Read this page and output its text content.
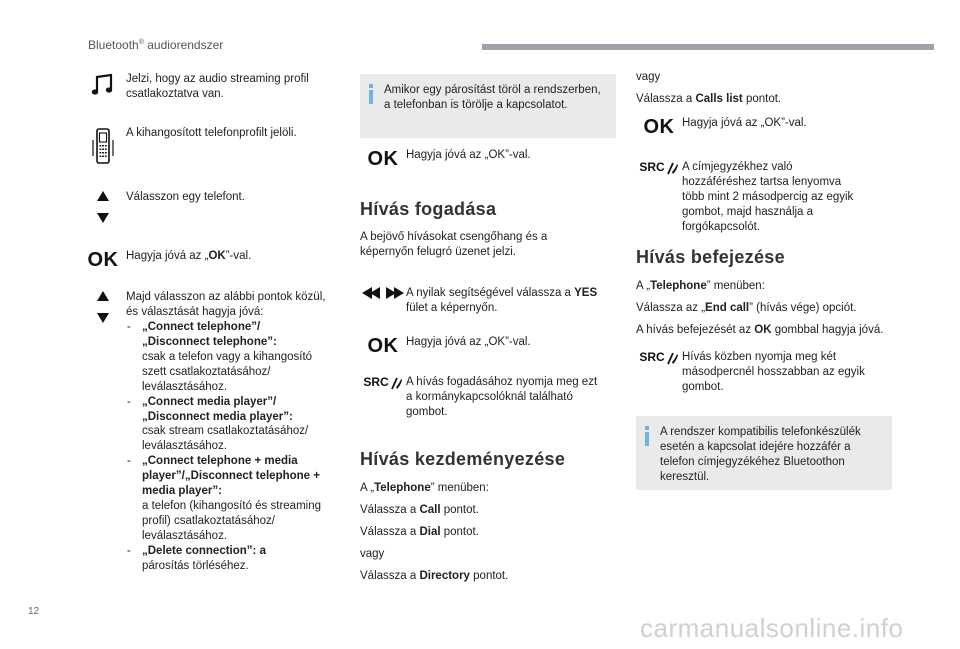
Bluetooth® audiorendszer
Jelzi, hogy az audio streaming profil csatlakoztatva van.
A kihangosított telefonprofilt jelöli.
Válasszon egy telefont.
OK Hagyja jóvá az „OK”-val.
Majd válasszon az alábbi pontok közül, és választását hagyja jóvá:
- „Connect telephone”/
„Disconnect telephone”:
csak a telefon vagy a kihangosító szett csatlakoztatásához/ leválasztásához.
- „Connect media player”/
„Disconnect media player”:
csak stream csatlakoztatásához/ leválasztásához.
- „Connect telephone + media player”/„Disconnect telephone + media player”:
a telefon (kihangosító és streaming profil) csatlakoztatásához/ leválasztásához.
- „Delete connection”: a
párosítás törléséhez.
Amikor egy párosítást töröl a rendszerben, a telefonban is törölje a kapcsolatot.
OK Hagyja jóvá az „OK”-val.
Hívás fogadása
A bejövő hívásokat csengőhang és a képernyőn felugró üzenet jelzi.
A nyilak segítségével válassza a YES fület a képernyőn.
OK Hagyja jóvá az „OK”-val.
SRC A hívás fogadásához nyomja meg ezt a kormánykapcsolóknál található gombot.
Hívás kezdeményezése
A „Telephone” menüben:
Válassza a Call pontot.
Válassza a Dial pontot.
vagy
Válassza a Directory pontot.
vagy
Válassza a Calls list pontot.
OK Hagyja jóvá az „OK”-val.
SRC A címjegyzékhez való hozzáféréshez tartsa lenyomva több mint 2 másodpercig az egyik gombot, majd használja a forgókapcsolót.
Hívás befejezése
A „Telephone” menüben:
Válassza az „End call” (hívás vége) opciót.
A hívás befejezését az OK gombbal hagyja jóvá.
SRC Hívás közben nyomja meg két másodpercnél hosszabban az egyik gombot.
A rendszer kompatibilis telefonkészülék esetén a kapcsolat idejére hozzáfér a telefon címjegyzékéhez Bluetoothon keresztül.
12
carmanualsonline.info
